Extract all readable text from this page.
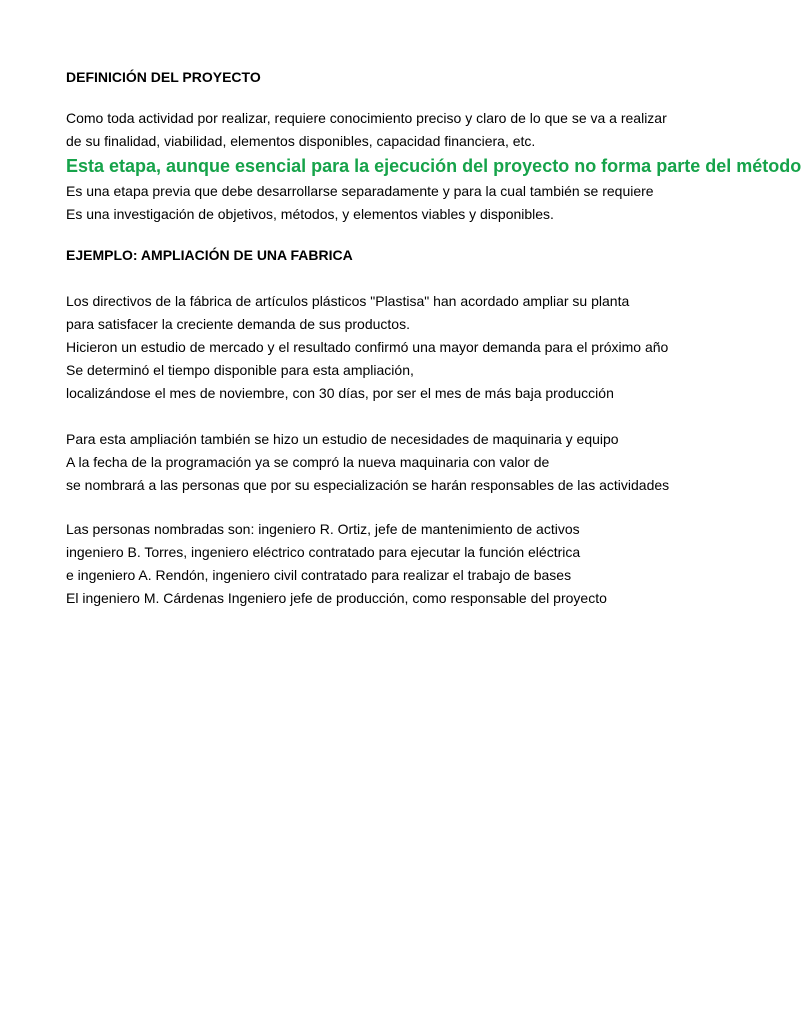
DEFINICIÓN DEL PROYECTO
Como toda actividad por realizar, requiere conocimiento preciso y claro de lo que se va a realizar
de su finalidad, viabilidad, elementos disponibles, capacidad financiera, etc.
Esta etapa, aunque esencial para la ejecución del proyecto no forma parte del método
Es una etapa previa que debe desarrollarse separadamente y para la cual también se requiere
Es una investigación de objetivos, métodos, y elementos viables y disponibles.
EJEMPLO: AMPLIACIÓN DE UNA FABRICA
Los directivos de la fábrica de artículos plásticos "Plastisa" han acordado ampliar su planta
para satisfacer la creciente demanda de sus productos.
Hicieron un estudio de mercado y el resultado confirmó una mayor demanda para el próximo año
Se determinó el tiempo disponible para esta ampliación,
localizándose el mes de noviembre, con 30 días, por ser el mes de más baja producción
Para esta ampliación también se hizo un estudio de necesidades de maquinaria y equipo
A la fecha de la programación ya se compró la nueva maquinaria con valor de
se nombrará a las personas que por su especialización se harán responsables de las actividades
Las personas nombradas son: ingeniero R. Ortiz, jefe de mantenimiento de activos
ingeniero B. Torres, ingeniero eléctrico contratado para ejecutar la función eléctrica
e ingeniero A. Rendón, ingeniero civil contratado para realizar el trabajo de bases
El ingeniero M. Cárdenas Ingeniero jefe de producción, como responsable del proyecto
